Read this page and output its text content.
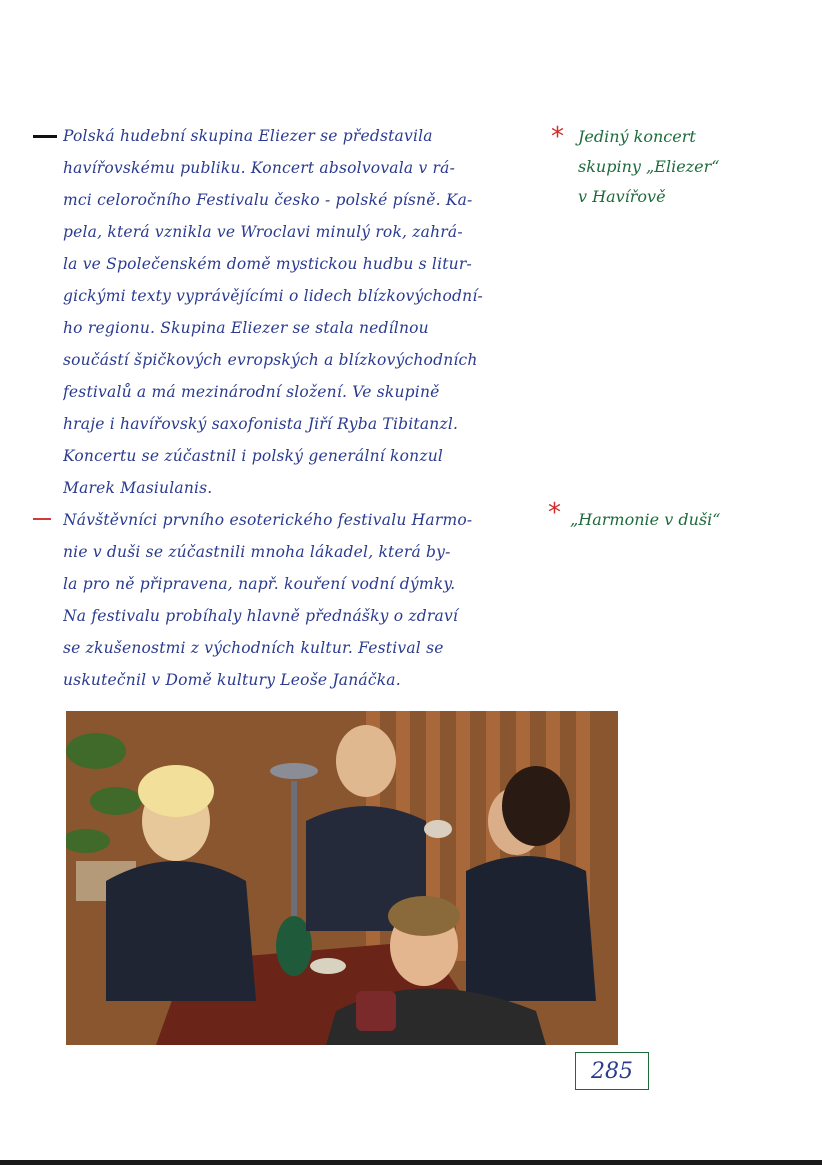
Polská hudební skupina Eliezer se představila
havířovskému publiku. Koncert absolvovala v rá-
mci celoročního Festivalu česko - polské písně. Ka-
pela, která vznikla ve Wroclavi minulý rok, zahrá-
la ve Společenském domě mystickou hudbu s litur-
gickými texty vyprávějícími o lidech blízkovýchodní-
ho regionu. Skupina Eliezer se stala nedílnou
součástí špičkových evropských a blízkovýchodních
festivalů a má mezinárodní složení. Ve skupině
hraje i havířovský saxofonista Jiří Ryba Tibitanzl.
Koncertu se zúčastnil i polský generální konzul
Marek Masiulanis.
* Jediný koncert
skupiny „Eliezer“
v Havířově
Návštěvníci prvního esoterického festivalu Harmo-
nie v duši se zúčastnili mnoha lákadel, která by-
la pro ně připravena, např. kouření vodní dýmky.
Na festivalu probíhaly hlavně přednášky o zdraví
se zkušenostmi z východních kultur. Festival se
uskutečnil v Domě kultury Leoše Janáčka.
* „Harmonie v duši“
285
